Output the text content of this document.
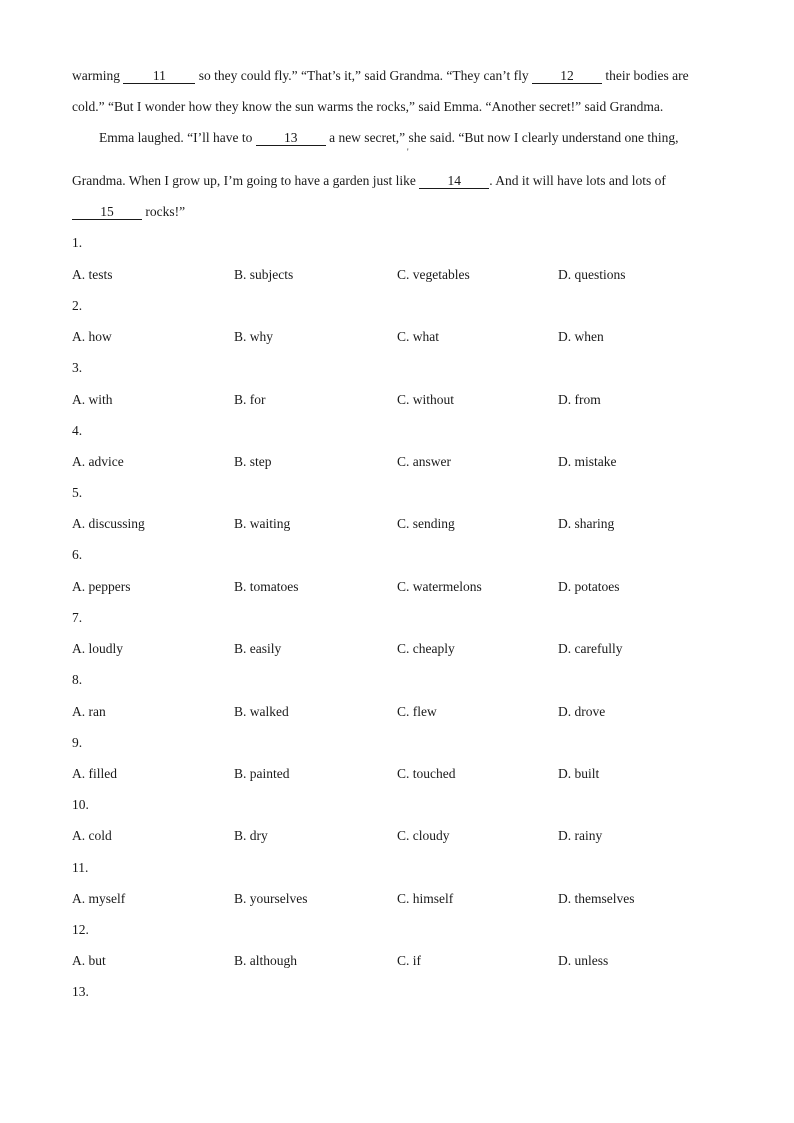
warming 11 so they could fly.” “That’s it,” said Grandma. “They can’t fly 12 their bodies are
cold.” “But I wonder how they know the sun warms the rocks,” said Emma. “Another secret!” said Grandma.
Emma laughed. “I’ll have to 13 a new secret,” she said. “But now I clearly understand one thing,
'
Grandma. When I grow up, I’m going to have a garden just like 14 . And it will have lots and lots of
15 rocks!”
1.
A. tests	B. subjects	C. vegetables	D. questions
2.
A. how	B. why	C. what	D. when
3.
A. with	B. for	C. without	D. from
4.
A. advice	B. step	C. answer	D. mistake
5.
A. discussing	B. waiting	C. sending	D. sharing
6.
A. peppers	B. tomatoes	C. watermelons	D. potatoes
7.
A. loudly	B. easily	C. cheaply	D. carefully
8.
A. ran	B. walked	C. flew	D. drove
9.
A. filled	B. painted	C. touched	D. built
10.
A. cold	B. dry	C. cloudy	D. rainy
11.
A. myself	B. yourselves	C. himself	D. themselves
12.
A. but	B. although	C. if	D. unless
13.
